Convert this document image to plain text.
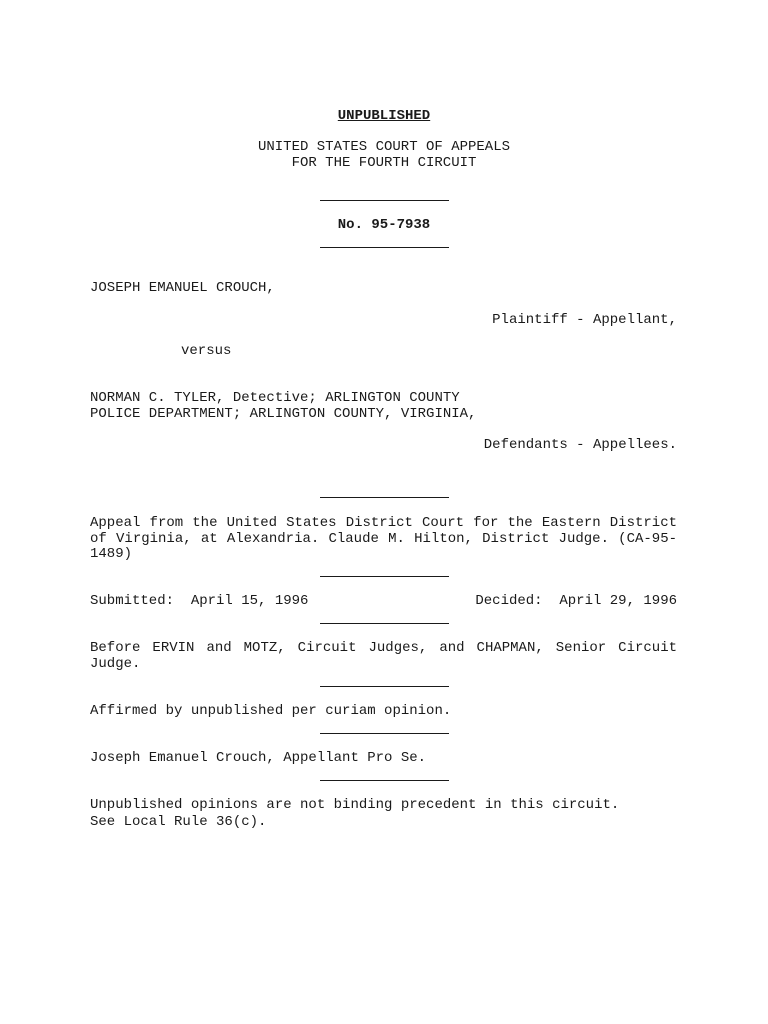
UNPUBLISHED
UNITED STATES COURT OF APPEALS
FOR THE FOURTH CIRCUIT
No. 95-7938
JOSEPH EMANUEL CROUCH,
Plaintiff - Appellant,
versus
NORMAN C. TYLER, Detective; ARLINGTON COUNTY
POLICE DEPARTMENT; ARLINGTON COUNTY, VIRGINIA,
Defendants - Appellees.
Appeal from the United States District Court for the Eastern District of Virginia, at Alexandria. Claude M. Hilton, District Judge. (CA-95-1489)
Submitted:  April 15, 1996	Decided:  April 29, 1996
Before ERVIN and MOTZ, Circuit Judges, and CHAPMAN, Senior Circuit Judge.
Affirmed by unpublished per curiam opinion.
Joseph Emanuel Crouch, Appellant Pro Se.
Unpublished opinions are not binding precedent in this circuit.
See Local Rule 36(c).
